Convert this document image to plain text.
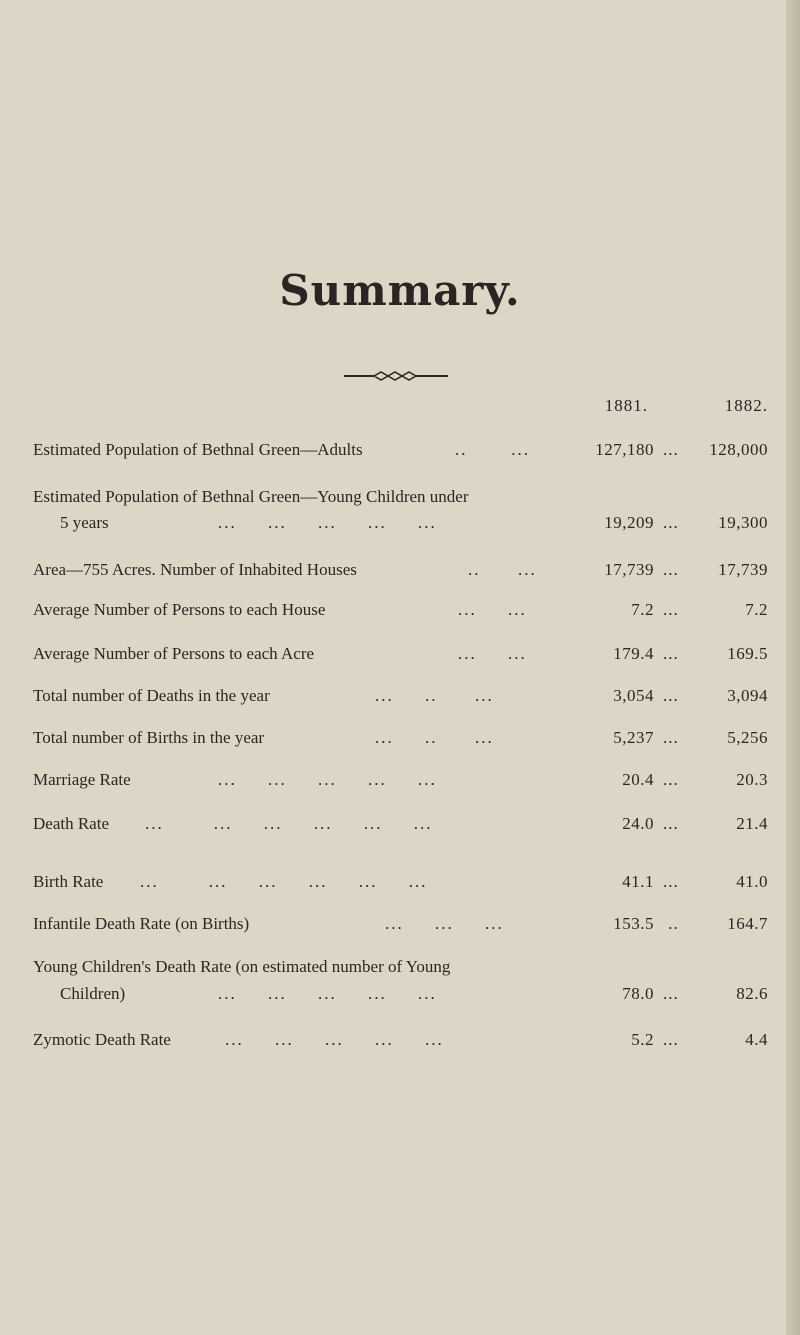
Summary.
1881.	1882.
Estimated Population of Bethnal Green—Adults	..       ...	127,180 ... 128,000
Estimated Population of Bethnal Green—Young Children under
5 years	...     ...     ...     ...     ...	19,209 ... 19,300
Area—755 Acres. Number of Inhabited Houses	..      ...	17,739 ... 17,739
Average Number of Persons to each House	...     ...	7.2 ...	7.2
Average Number of Persons to each Acre	...     ...	179.4 ...	169.5
Total number of Deaths in the year	...     ..      ...	3,054 ...	3,094
Total number of Births in the year	...     ..      ...	5,237 ...	5,256
Marriage Rate	...     ...     ...     ...     ...	20.4 ...	20.3
Death Rate ...        ...     ...     ...     ...     ...	24.0 ...	21.4
Birth Rate ...        ...     ...     ...     ...     ...	41.1 ...	41.0
Infantile Death Rate (on Births)	...     ...     ...	153.5 ..	164.7
Young Children's Death Rate (on estimated number of Young
Children)	...     ...     ...     ...     ...	78.0 ...	82.6
Zymotic Death Rate	...     ...     ...     ...     ...	5.2 ...	4.4
